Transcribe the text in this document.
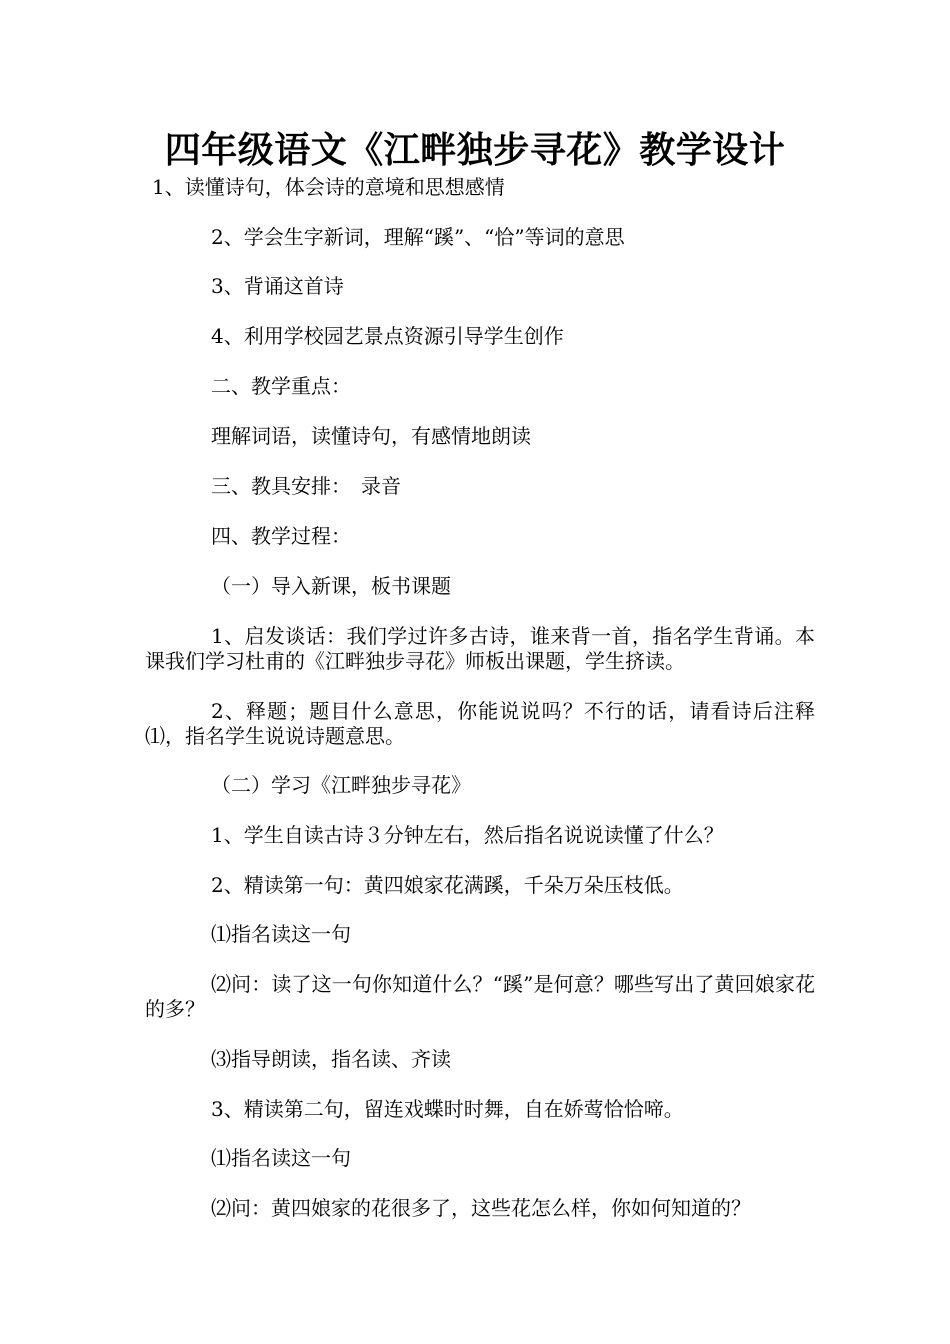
四年级语文《江畔独步寻花》教学设计
1、读懂诗句，体会诗的意境和思想感情
2、学会生字新词，理解“蹊”、“恰”等词的意思
3、背诵这首诗
4、利用学校园艺景点资源引导学生创作
二、教学重点：
理解词语，读懂诗句，有感情地朗读
三、教具安排：　录音
四、教学过程：
（一）导入新课，板书课题
1、启发谈话：我们学过许多古诗，谁来背一首，指名学生背诵。本课我们学习杜甫的《江畔独步寻花》师板出课题，学生挤读。
2、释题；题目什么意思，你能说说吗？不行的话，请看诗后注释⑴，指名学生说说诗题意思。
（二）学习《江畔独步寻花》
1、学生自读古诗３分钟左右，然后指名说说读懂了什么？
2、精读第一句：黄四娘家花满蹊，千朵万朵压枝低。
⑴指名读这一句
⑵问：读了这一句你知道什么？“蹊”是何意？哪些写出了黄回娘家花的多？
⑶指导朗读，指名读、齐读
3、精读第二句，留连戏蝶时时舞，自在娇莺恰恰啼。
⑴指名读这一句
⑵问：黄四娘家的花很多了，这些花怎么样，你如何知道的？
